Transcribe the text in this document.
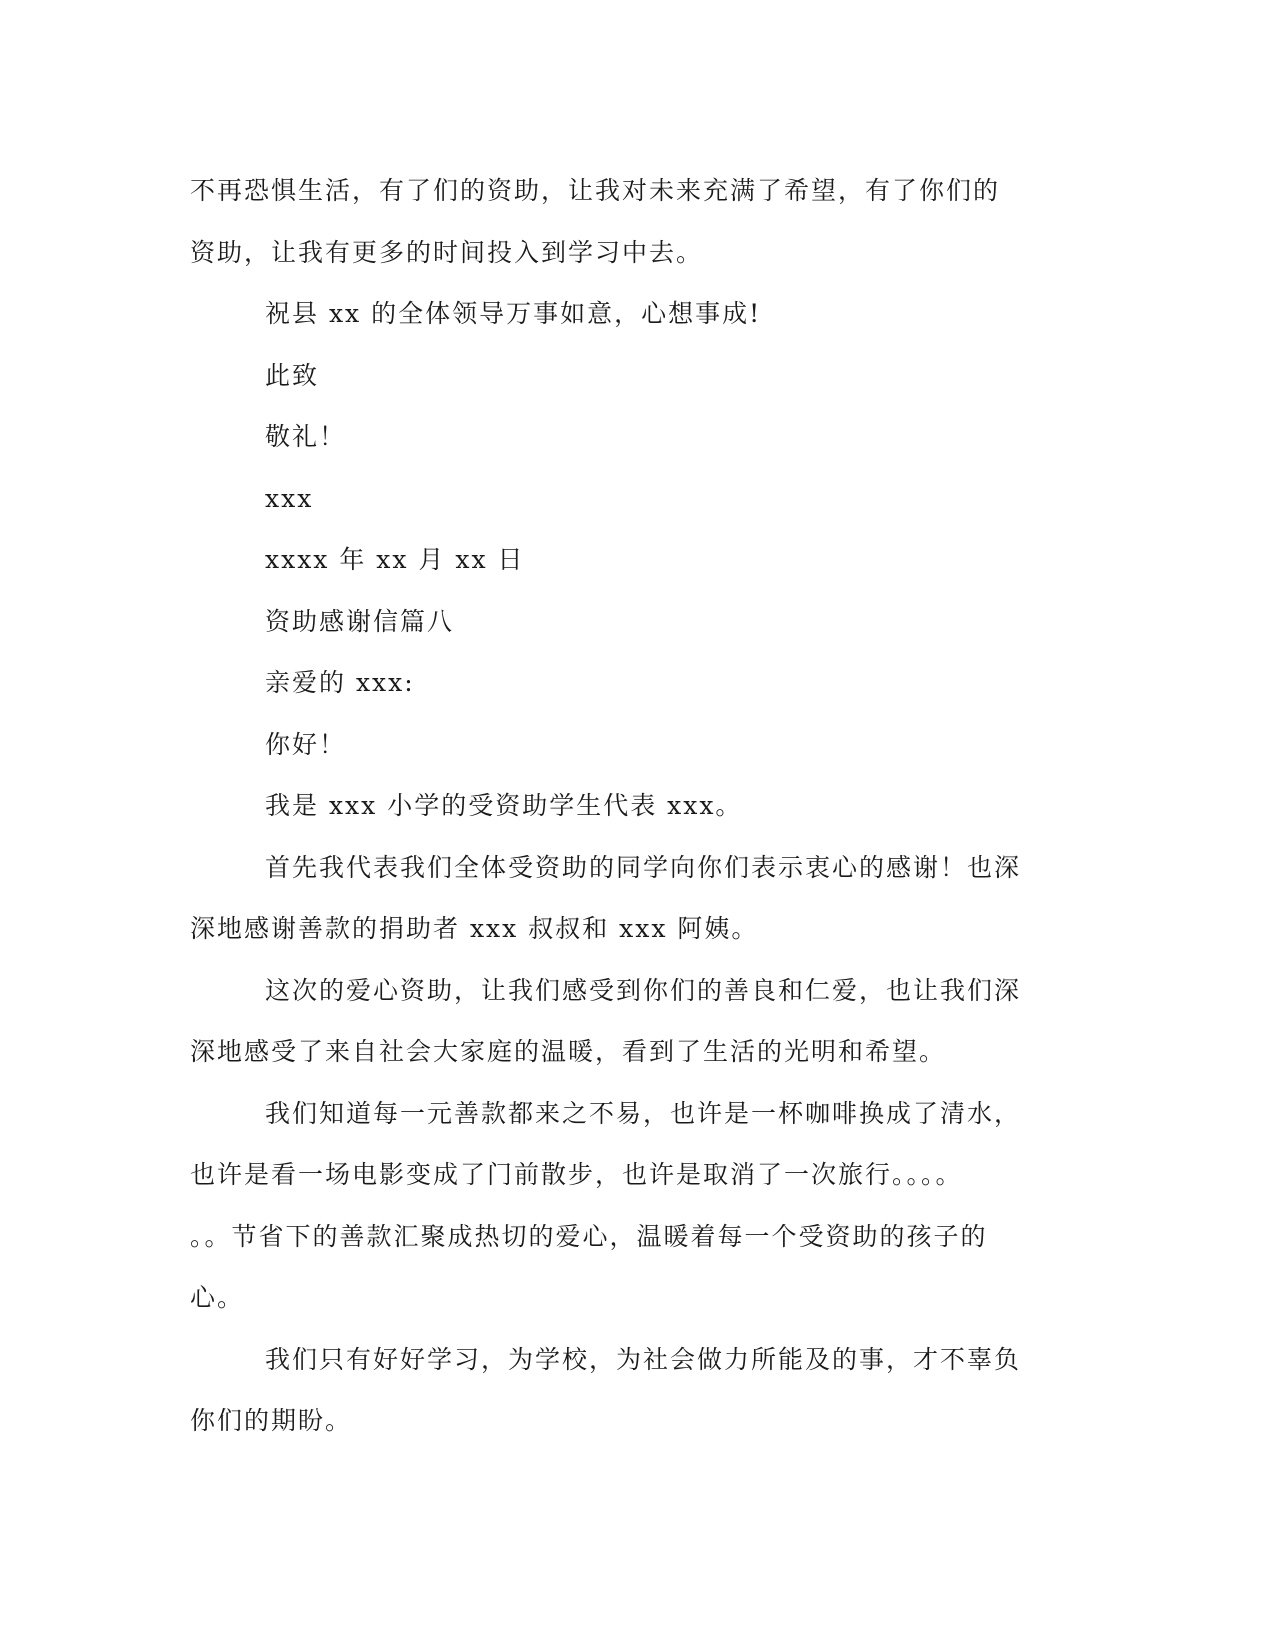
不再恐惧生活，有了们的资助，让我对未来充满了希望，有了你们的
资助，让我有更多的时间投入到学习中去。
祝县 xx 的全体领导万事如意，心想事成!
此致
敬礼！
xxx
xxxx 年 xx 月 xx 日
资助感谢信篇八
亲爱的 xxx:
你好！
我是 xxx 小学的受资助学生代表 xxx。
首先我代表我们全体受资助的同学向你们表示衷心的感谢！也深
深地感谢善款的捐助者 xxx 叔叔和 xxx 阿姨。
这次的爱心资助，让我们感受到你们的善良和仁爱，也让我们深
深地感受了来自社会大家庭的温暖，看到了生活的光明和希望。
我们知道每一元善款都来之不易，也许是一杯咖啡换成了清水，
也许是看一场电影变成了门前散步，也许是取消了一次旅行。。。。
。。节省下的善款汇聚成热切的爱心，温暖着每一个受资助的孩子的
心。
我们只有好好学习，为学校，为社会做力所能及的事，才不辜负
你们的期盼。
